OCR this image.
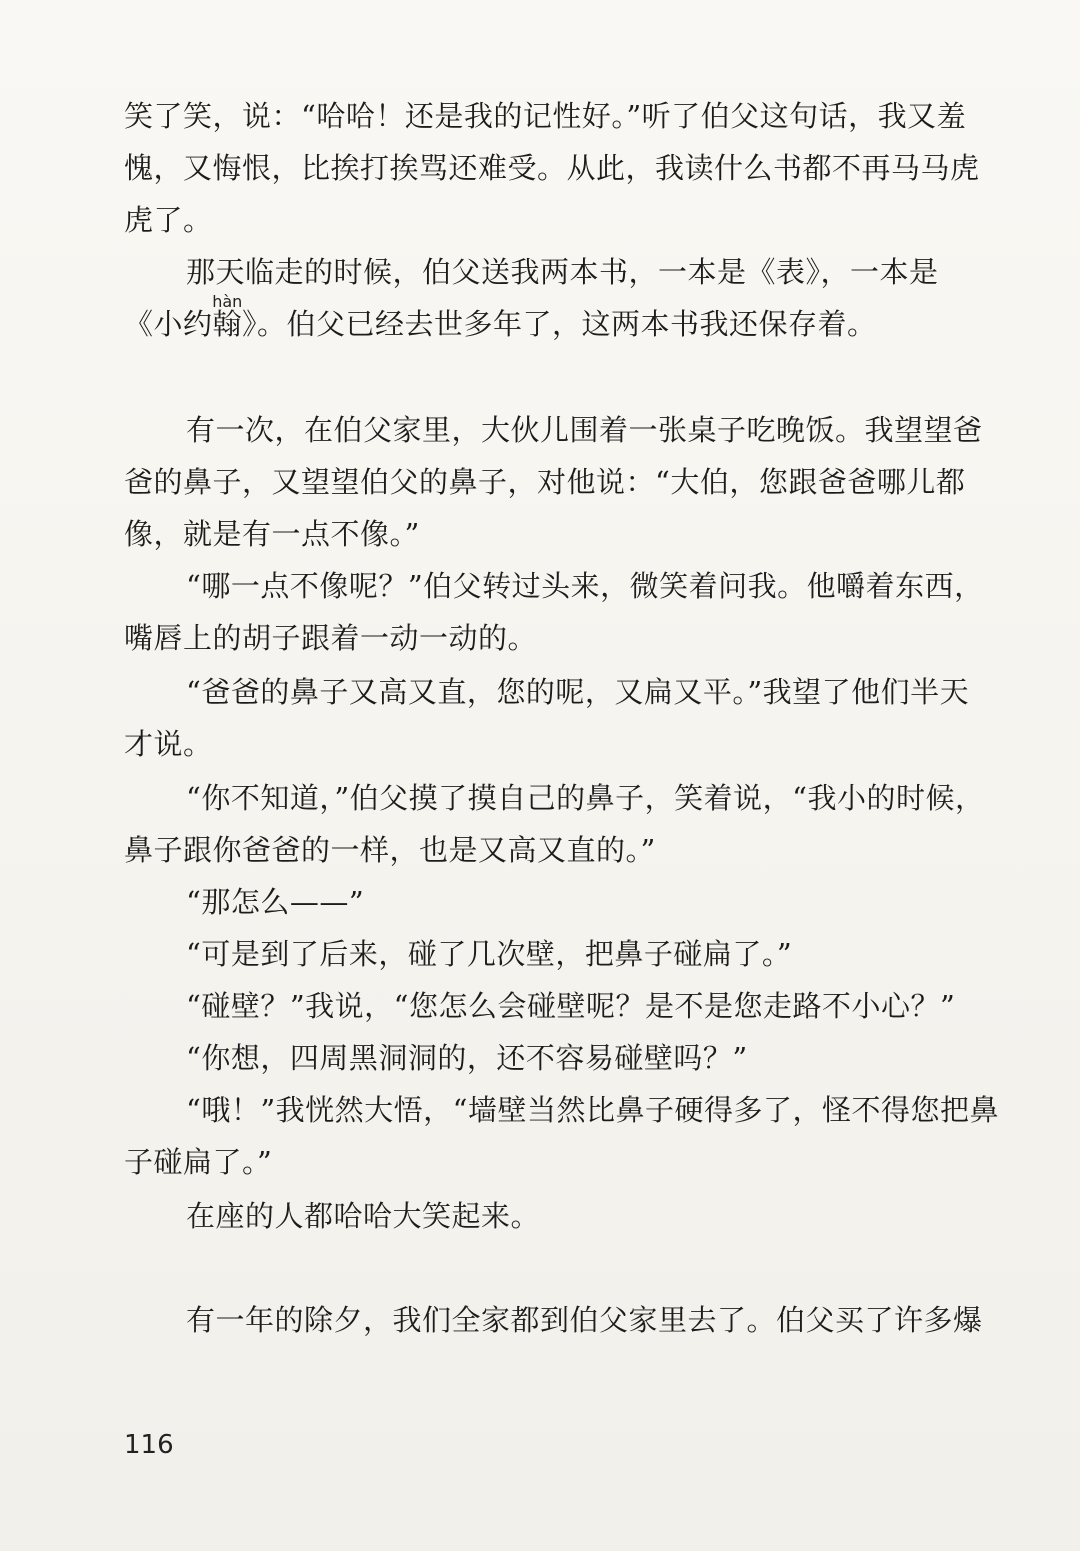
笑了笑，说：“哈哈！还是我的记性好。”听了伯父这句话，我又羞
愧，又悔恨，比挨打挨骂还难受。从此，我读什么书都不再马马虎
虎了。
那天临走的时候，伯父送我两本书，一本是《表》，一本是
《小约
hàn
翰》。伯父已经去世多年了，这两本书我还保存着。
有一次，在伯父家里，大伙儿围着一张桌子吃晚饭。我望望爸
爸的鼻子，又望望伯父的鼻子，对他说：“大伯，您跟爸爸哪儿都
像，就是有一点不像。”
“哪一点不像呢？”伯父转过头来，微笑着问我。他嚼着东西，
嘴唇上的胡子跟着一动一动的。
“爸爸的鼻子又高又直，您的呢，又扁又平。”我望了他们半天
才说。
“你不知道，”伯父摸了摸自己的鼻子，笑着说，“我小的时候，
鼻子跟你爸爸的一样，也是又高又直的。”
“那怎么——”
“可是到了后来，碰了几次壁，把鼻子碰扁了。”
“碰壁？”我说，“您怎么会碰壁呢？是不是您走路不小心？”
“你想，四周黑洞洞的，还不容易碰壁吗？”
“哦！”我恍然大悟，“墙壁当然比鼻子硬得多了，怪不得您把鼻
子碰扁了。”
在座的人都哈哈大笑起来。
有一年的除夕，我们全家都到伯父家里去了。伯父买了许多爆
116
